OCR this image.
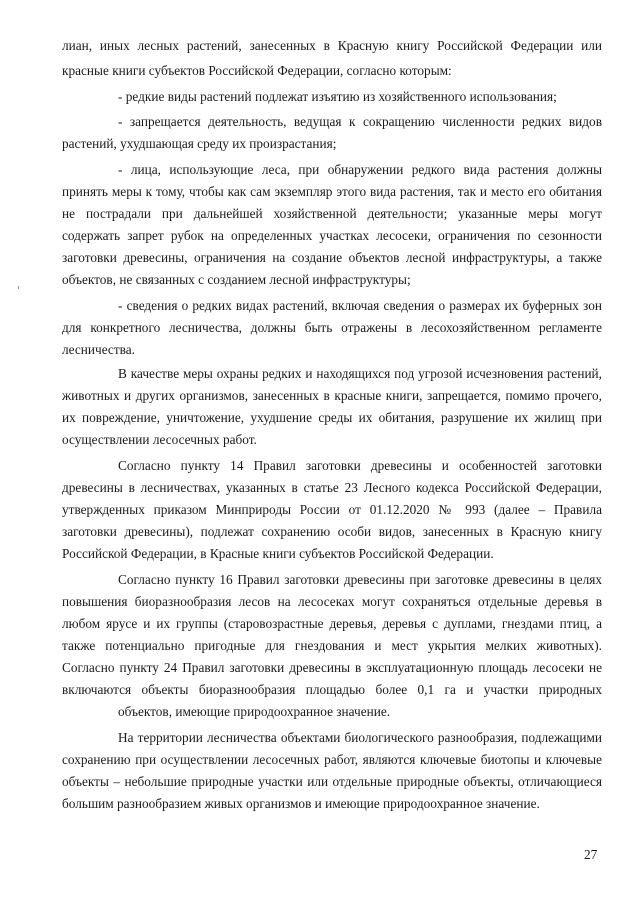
лиан, иных лесных растений, занесенных в Красную книгу Российской Федерации или
красные книги субъектов Российской Федерации, согласно которым:
- редкие виды растений подлежат изъятию из хозяйственного использования;
- запрещается деятельность, ведущая к сокращению численности редких видов
растений, ухудшающая среду их произрастания;
- лица, использующие леса, при обнаружении редкого вида растения должны
принять меры к тому, чтобы как сам экземпляр этого вида растения, так и место его обитания
не пострадали при дальнейшей хозяйственной деятельности; указанные меры могут
содержать запрет рубок на определенных участках лесосеки, ограничения по сезонности
заготовки древесины, ограничения на создание объектов лесной инфраструктуры, а также
объектов, не связанных с созданием лесной инфраструктуры;
- сведения о редких видах растений, включая сведения о размерах их буферных зон
для конкретного лесничества, должны быть отражены в лесохозяйственном регламенте
лесничества.
В качестве меры охраны редких и находящихся под угрозой исчезновения растений,
животных и других организмов, занесенных в красные книги, запрещается, помимо прочего,
их повреждение, уничтожение, ухудшение среды их обитания, разрушение их жилищ при
осуществлении лесосечных работ.
Согласно пункту 14 Правил заготовки древесины и особенностей заготовки
древесины в лесничествах, указанных в статье 23 Лесного кодекса Российской Федерации,
утвержденных приказом Минприроды России от 01.12.2020 № 993 (далее – Правила
заготовки древесины), подлежат сохранению особи видов, занесенных в Красную книгу
Российской Федерации, в Красные книги субъектов Российской Федерации.
Согласно пункту 16 Правил заготовки древесины при заготовке древесины в целях
повышения биоразнообразия лесов на лесосеках могут сохраняться отдельные деревья в
любом ярусе и их группы (старовозрастные деревья, деревья с дуплами, гнездами птиц, а
также потенциально пригодные для гнездования и мест укрытия мелких животных).
Согласно пункту 24 Правил заготовки древесины в эксплуатационную площадь лесосеки не
включаются объекты биоразнообразия площадью более 0,1 га и участки природных
объектов, имеющие природоохранное значение.
На территории лесничества объектами биологического разнообразия, подлежащими
сохранению при осуществлении лесосечных работ, являются ключевые биотопы и ключевые
объекты – небольшие природные участки или отдельные природные объекты, отличающиеся
большим разнообразием живых организмов и имеющие природоохранное значение.
27
